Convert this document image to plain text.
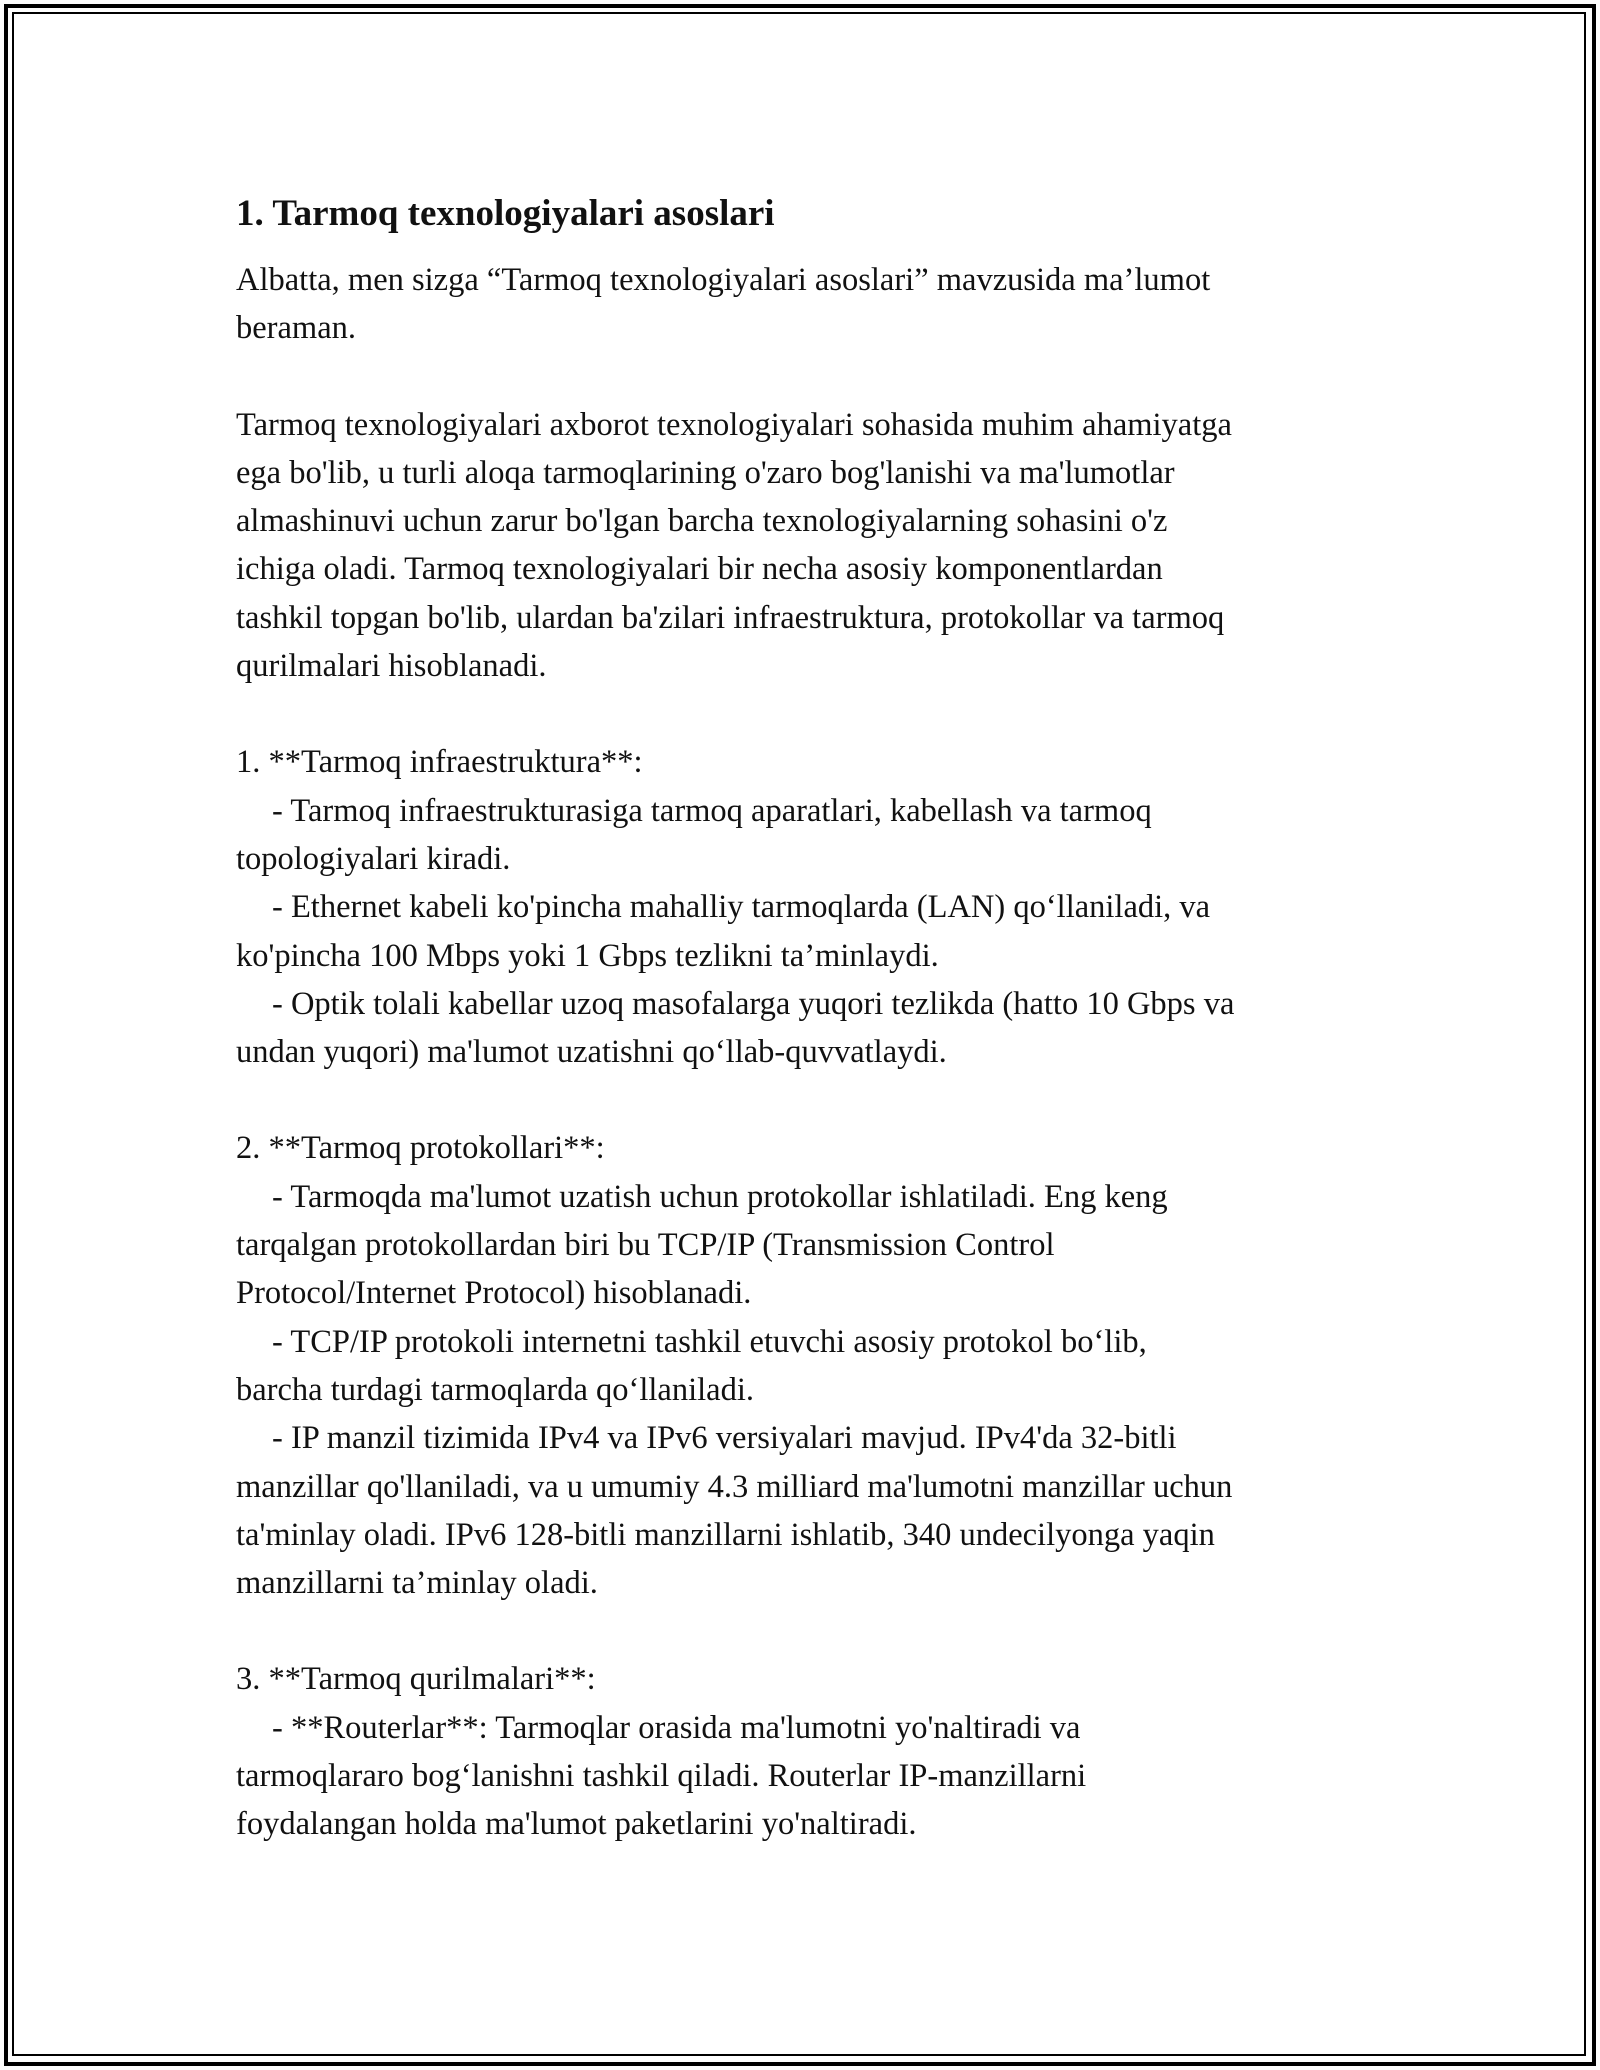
1. Tarmoq texnologiyalari asoslari
Albatta, men sizga “Tarmoq texnologiyalari asoslari” mavzusida ma’lumot
beraman.
Tarmoq texnologiyalari axborot texnologiyalari sohasida muhim ahamiyatga
ega bo'lib, u turli aloqa tarmoqlarining o'zaro bog'lanishi va ma'lumotlar
almashinuvi uchun zarur bo'lgan barcha texnologiyalarning sohasini o'z
ichiga oladi. Tarmoq texnologiyalari bir necha asosiy komponentlardan
tashkil topgan bo'lib, ulardan ba'zilari infraestruktura, protokollar va tarmoq
qurilmalari hisoblanadi.
1. **Tarmoq infraestruktura**:
- Tarmoq infraestrukturasiga tarmoq aparatlari, kabellash va tarmoq
topologiyalari kiradi.
- Ethernet kabeli ko'pincha mahalliy tarmoqlarda (LAN) qo‘llaniladi, va
ko'pincha 100 Mbps yoki 1 Gbps tezlikni ta’minlaydi.
- Optik tolali kabellar uzoq masofalarga yuqori tezlikda (hatto 10 Gbps va
undan yuqori) ma'lumot uzatishni qo‘llab-quvvatlaydi.
2. **Tarmoq protokollari**:
- Tarmoqda ma'lumot uzatish uchun protokollar ishlatiladi. Eng keng
tarqalgan protokollardan biri bu TCP/IP (Transmission Control
Protocol/Internet Protocol) hisoblanadi.
- TCP/IP protokoli internetni tashkil etuvchi asosiy protokol bo‘lib,
barcha turdagi tarmoqlarda qo‘llaniladi.
- IP manzil tizimida IPv4 va IPv6 versiyalari mavjud. IPv4'da 32-bitli
manzillar qo'llaniladi, va u umumiy 4.3 milliard ma'lumotni manzillar uchun
ta'minlay oladi. IPv6 128-bitli manzillarni ishlatib, 340 undecilyonga yaqin
manzillarni ta’minlay oladi.
3. **Tarmoq qurilmalari**:
- **Routerlar**: Tarmoqlar orasida ma'lumotni yo'naltiradi va
tarmoqlararo bog‘lanishni tashkil qiladi. Routerlar IP-manzillarni
foydalangan holda ma'lumot paketlarini yo'naltiradi.
